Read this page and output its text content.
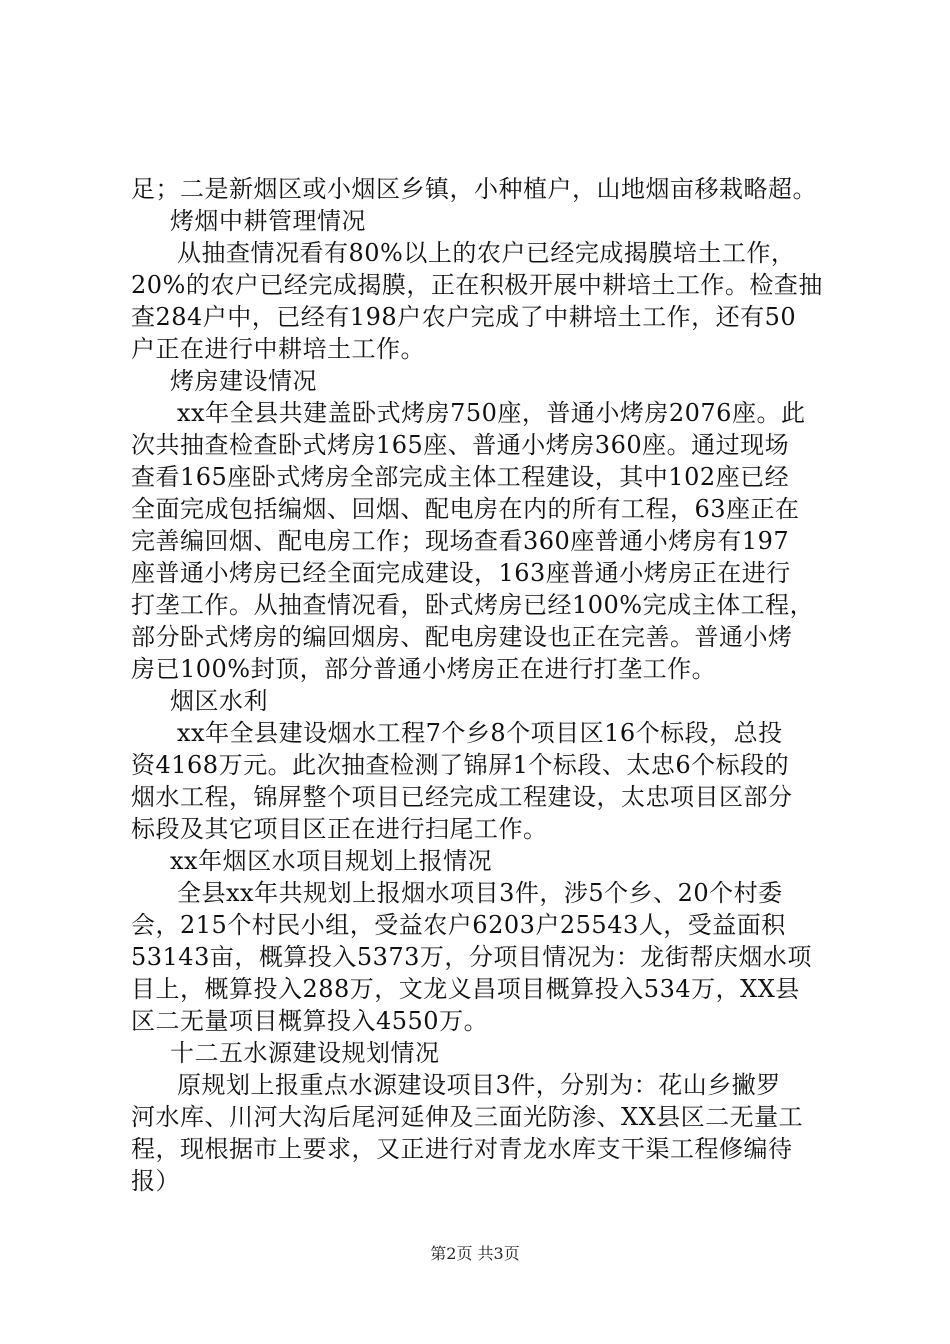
足；二是新烟区或小烟区乡镇，小种植户，山地烟亩移栽略超。
烤烟中耕管理情况
从抽查情况看有80%以上的农户已经完成揭膜培土工作，
20%的农户已经完成揭膜，正在积极开展中耕培土工作。检查抽
查284户中，已经有198户农户完成了中耕培土工作，还有50
户正在进行中耕培土工作。
烤房建设情况
xx年全县共建盖卧式烤房750座，普通小烤房2076座。此
次共抽查检查卧式烤房165座、普通小烤房360座。通过现场
查看165座卧式烤房全部完成主体工程建设，其中102座已经
全面完成包括编烟、回烟、配电房在内的所有工程，63座正在
完善编回烟、配电房工作；现场查看360座普通小烤房有197
座普通小烤房已经全面完成建设，163座普通小烤房正在进行
打垄工作。从抽查情况看，卧式烤房已经100%完成主体工程，
部分卧式烤房的编回烟房、配电房建设也正在完善。普通小烤
房已100%封顶，部分普通小烤房正在进行打垄工作。
烟区水利
xx年全县建设烟水工程7个乡8个项目区16个标段，总投
资4168万元。此次抽查检测了锦屏1个标段、太忠6个标段的
烟水工程，锦屏整个项目已经完成工程建设，太忠项目区部分
标段及其它项目区正在进行扫尾工作。
xx年烟区水项目规划上报情况
全县xx年共规划上报烟水项目3件，涉5个乡、20个村委
会，215个村民小组，受益农户6203户25543人，受益面积
53143亩，概算投入5373万，分项目情况为：龙街帮庆烟水项
目上，概算投入288万，文龙义昌项目概算投入534万，XX县
区二无量项目概算投入4550万。
十二五水源建设规划情况
原规划上报重点水源建设项目3件，分别为：花山乡撇罗
河水库、川河大沟后尾河延伸及三面光防渗、XX县区二无量工
程，现根据市上要求，又正进行对青龙水库支干渠工程修编待
报）
第2页 共3页
